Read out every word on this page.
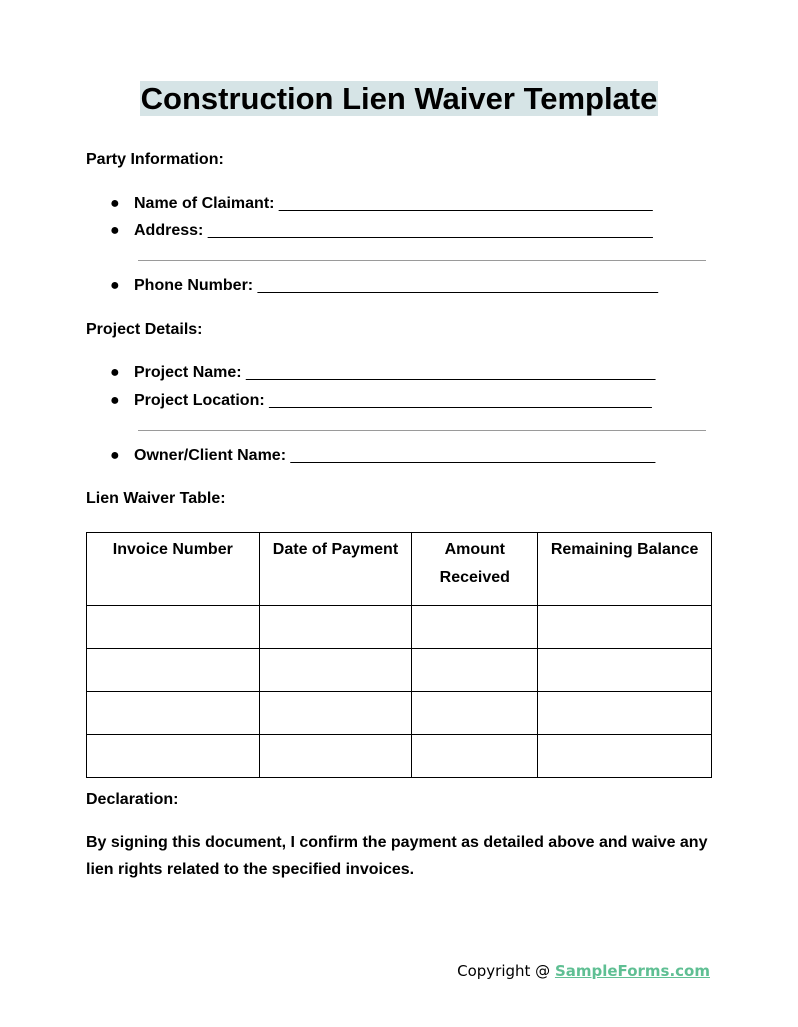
Construction Lien Waiver Template
Party Information:
● Name of Claimant: __________________________________________
● Address: __________________________________________________
● Phone Number: _____________________________________________
Project Details:
● Project Name: ______________________________________________
● Project Location: ___________________________________________
● Owner/Client Name: _________________________________________
Lien Waiver Table:
Invoice Number	Date of Payment	Amount Received	Remaining Balance

Declaration:
By signing this document, I confirm the payment as detailed above and waive any lien rights related to the specified invoices.
Copyright @ SampleForms.com
